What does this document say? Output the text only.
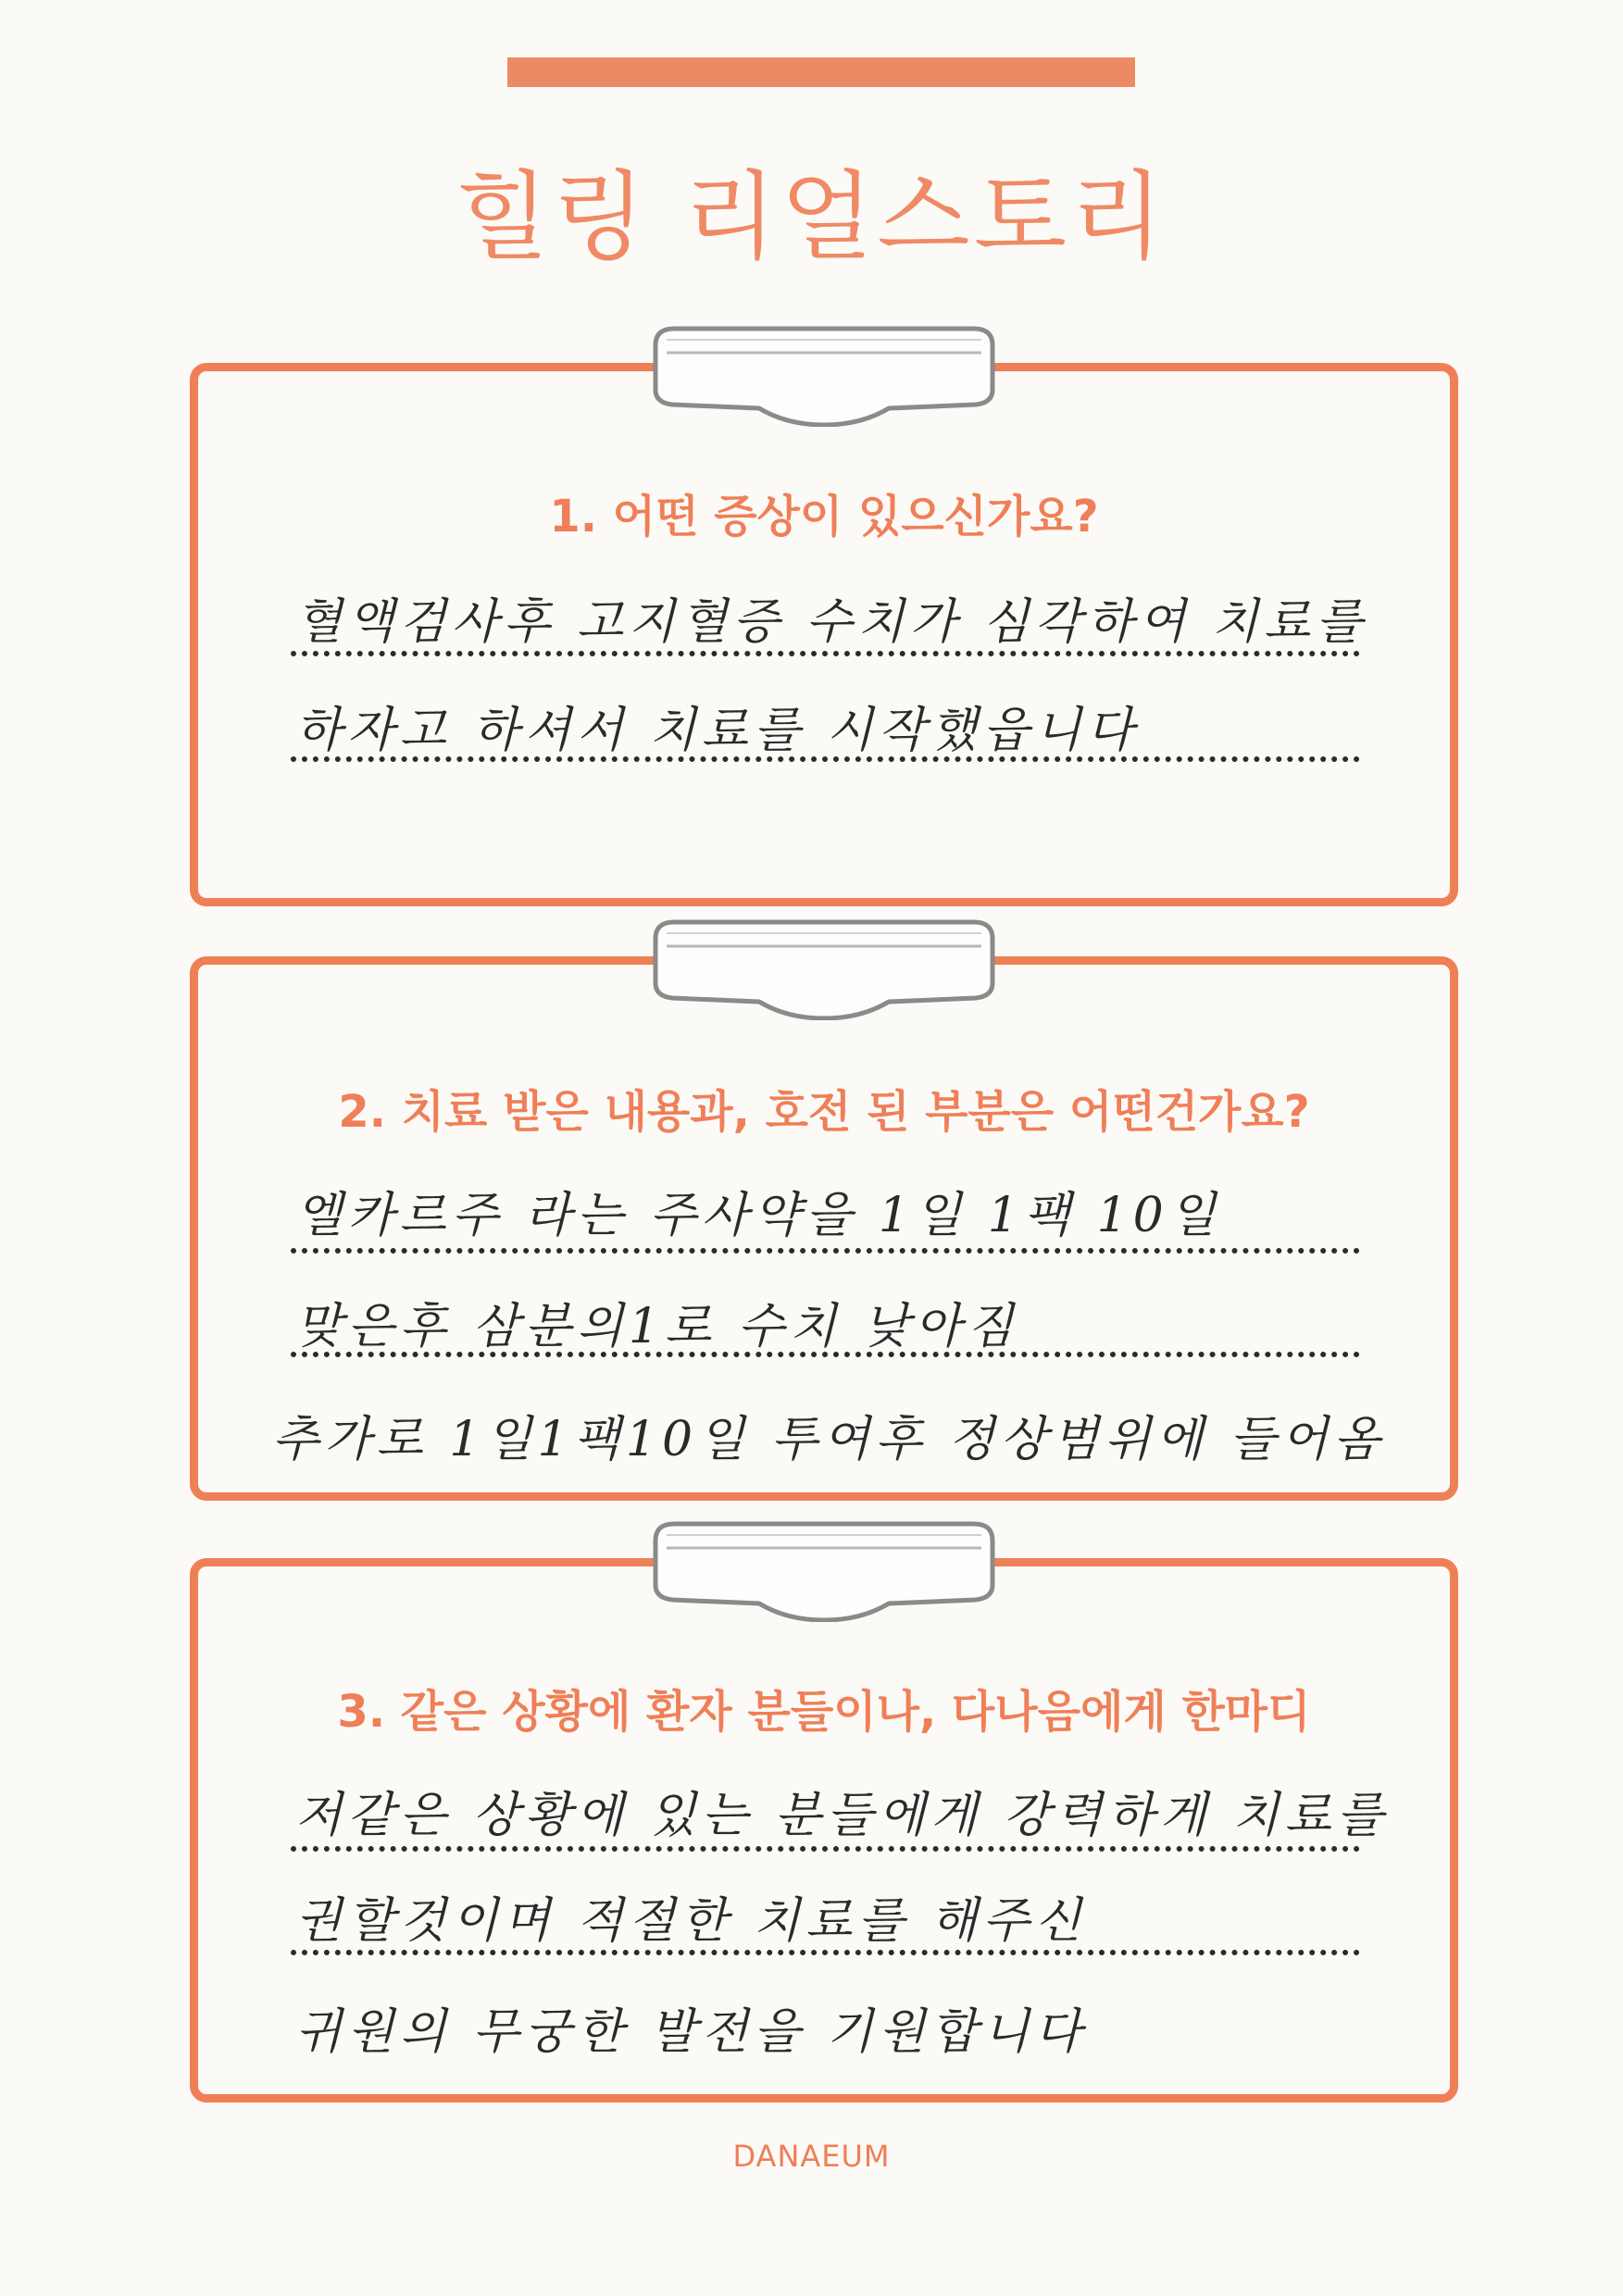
힐링 리얼스토리

1. 어떤 증상이 있으신가요?

혈액검사후 고지혈증 수치가 심각하여 치료를
하자고 하셔서 치료를 시작했읍니다

2. 치료 받은 내용과, 호전 된 부분은 어떤건가요?

엘카르주 라는 주사약을 1일 1팩 10일
맞은후 삼분의1로 수치 낮아짐
추가로 1일1팩10일 투여후 정상범위에 들어옴

3. 같은 상황에 환자 분들이나, 다나음에게 한마디

저같은 상황에 있는 분들에게 강력하게 치료를
권할것이며 적절한 치료를 해주신
귀원의 무궁한 발전을 기원합니다
DANAEUM
